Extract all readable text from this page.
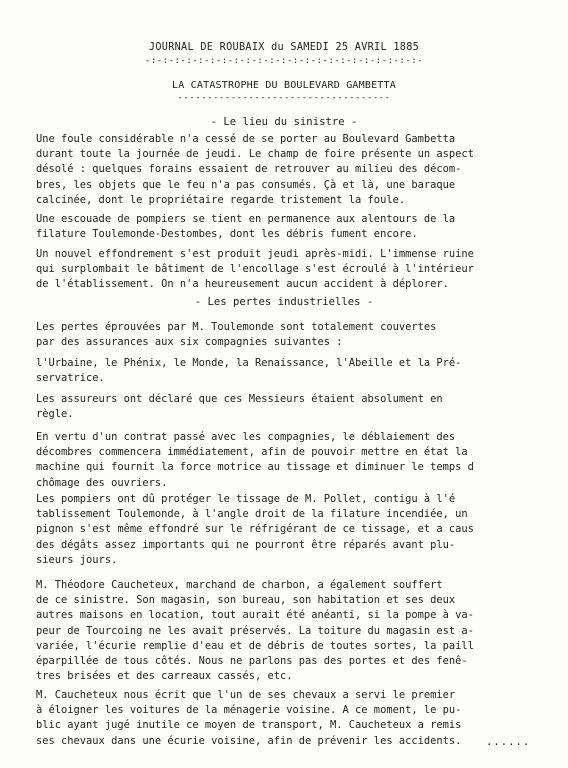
JOURNAL DE ROUBAIX du SAMEDI 25 AVRIL 1885
-:-:-:-:-:-:-:-:-:-:-:-:-:-:-:-:-:-:-:-:-:-:-:-
LA CATASTROPHE DU BOULEVARD GAMBETTA
------------------------------------
- Le lieu du sinistre -
Une foule considérable n'a cessé de se porter au Boulevard Gambetta
durant toute la journée de jeudi. Le champ de foire présente un aspect
désolé : quelques forains essaient de retrouver au milieu des décom-
bres, les objets que le feu n'a pas consumés. Çà et là, une baraque
calcinée, dont le propriétaire regarde tristement la foule.
Une escouade de pompiers se tient en permanence aux alentours de la
filature Toulemonde-Destombes, dont les débris fument encore.
Un nouvel effondrement s'est produit jeudi après-midi. L'immense ruine
qui surplombait le bâtiment de l'encollage s'est écroulé à l'intérieur
de l'établissement. On n'a heureusement aucun accident à déplorer.
- Les pertes industrielles -
Les pertes éprouvées par M. Toulemonde sont totalement couvertes
par des assurances aux six compagnies suivantes :
l'Urbaine, le Phénix, le Monde, la Renaissance, l'Abeille et la Pré-
servatrice.
Les assureurs ont déclaré que ces Messieurs étaient absolument en
règle.
En vertu d'un contrat passé avec les compagnies, le déblaiement des
décombres commencera immédiatement, afin de pouvoir mettre en état la
machine qui fournit la force motrice au tissage et diminuer le temps d
chômage des ouvriers.
Les pompiers ont dû protéger le tissage de M. Pollet, contigu à l'é
tablissement Toulemonde, à l'angle droit de la filature incendiée, un
pignon s'est même effondré sur le réfrigérant de ce tissage, et a caus
des dégâts assez importants qui ne pourront être réparés avant plu-
sieurs jours.
M. Théodore Caucheteux, marchand de charbon, a également souffert
de ce sinistre. Son magasin, son bureau, son habitation et ses deux
autres maisons en location, tout aurait été anéanti, si la pompe à va-
peur de Tourcoing ne les avait préservés. La toiture du magasin est a-
variée, l'écurie remplie d'eau et de débris de toutes sortes, la paill
éparpillée de tous côtés. Nous ne parlons pas des portes et des fenê-
tres brisées et des carreaux cassés, etc.
M. Caucheteux nous écrit que l'un de ses chevaux a servi le premier
à éloigner les voitures de la ménagerie voisine. A ce moment, le pu-
blic ayant jugé inutile ce moyen de transport, M. Caucheteux a remis
ses chevaux dans une écurie voisine, afin de prévenir les accidents.	......
